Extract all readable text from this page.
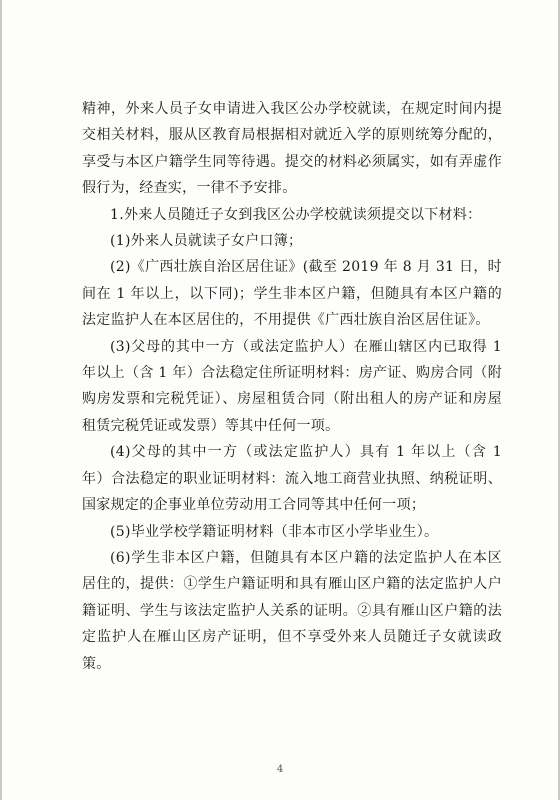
精神，外来人员子女申请进入我区公办学校就读，在规定时间内提交相关材料，服从区教育局根据相对就近入学的原则统筹分配的，享受与本区户籍学生同等待遇。提交的材料必须属实，如有弄虚作假行为，经查实，一律不予安排。

1.外来人员随迁子女到我区公办学校就读须提交以下材料：

(1)外来人员就读子女户口簿；

(2)《广西壮族自治区居住证》(截至 2019 年 8 月 31 日，时间在 1 年以上，以下同)；学生非本区户籍，但随具有本区户籍的法定监护人在本区居住的，不用提供《广西壮族自治区居住证》。

(3)父母的其中一方（或法定监护人）在雁山辖区内已取得 1 年以上（含 1 年）合法稳定住所证明材料：房产证、购房合同（附购房发票和完税凭证）、房屋租赁合同（附出租人的房产证和房屋租赁完税凭证或发票）等其中任何一项。

(4)父母的其中一方（或法定监护人）具有 1 年以上（含 1 年）合法稳定的职业证明材料：流入地工商营业执照、纳税证明、国家规定的企事业单位劳动用工合同等其中任何一项；

(5)毕业学校学籍证明材料（非本市区小学毕业生）。

(6)学生非本区户籍，但随具有本区户籍的法定监护人在本区居住的，提供：①学生户籍证明和具有雁山区户籍的法定监护人户籍证明、学生与该法定监护人关系的证明。②具有雁山区户籍的法定监护人在雁山区房产证明，但不享受外来人员随迁子女就读政策。

4
